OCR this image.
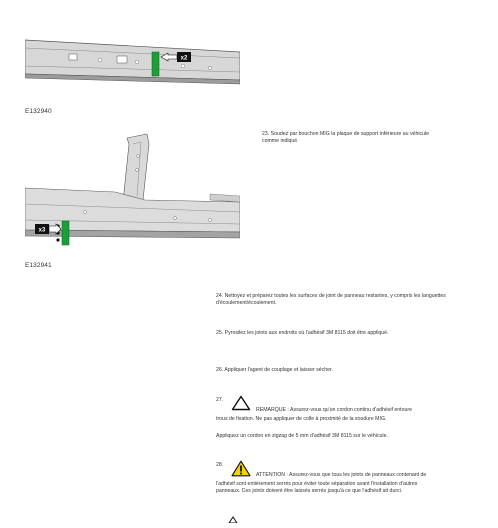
x2
E132940
x3
E132941
23. Soudez par bouchon MIG la plaque de support inférieure au véhicule
comme indiqué.
24. Nettoyez et préparez toutes les surfaces de joint de panneau restantes, y compris les languettes
d'écoulement/écoulement.
25. Pyrosilez les joints aux endroits où l'adhésif 3M 8115 doit être appliqué.
26. Appliquer l'agent de couplage et laisser sécher.
27.
REMARQUE : Assurez-vous qu'un cordon continu d'adhésif entoure
trous de fixation. Ne pas appliquer de colle à proximité de la soudure MIG.
Appliquez un cordon en zigzag de 5 mm d'adhésif 3M 8115 sur le véhicule.
28.
ATTENTION : Assurez-vous que tous les joints de panneaux contenant de
l'adhésif sont entièrement serrés pour éviter toute séparation avant l'installation d'autres
panneaux. Ces joints doivent être laissés serrés jusqu'à ce que l'adhésif ait durci.
